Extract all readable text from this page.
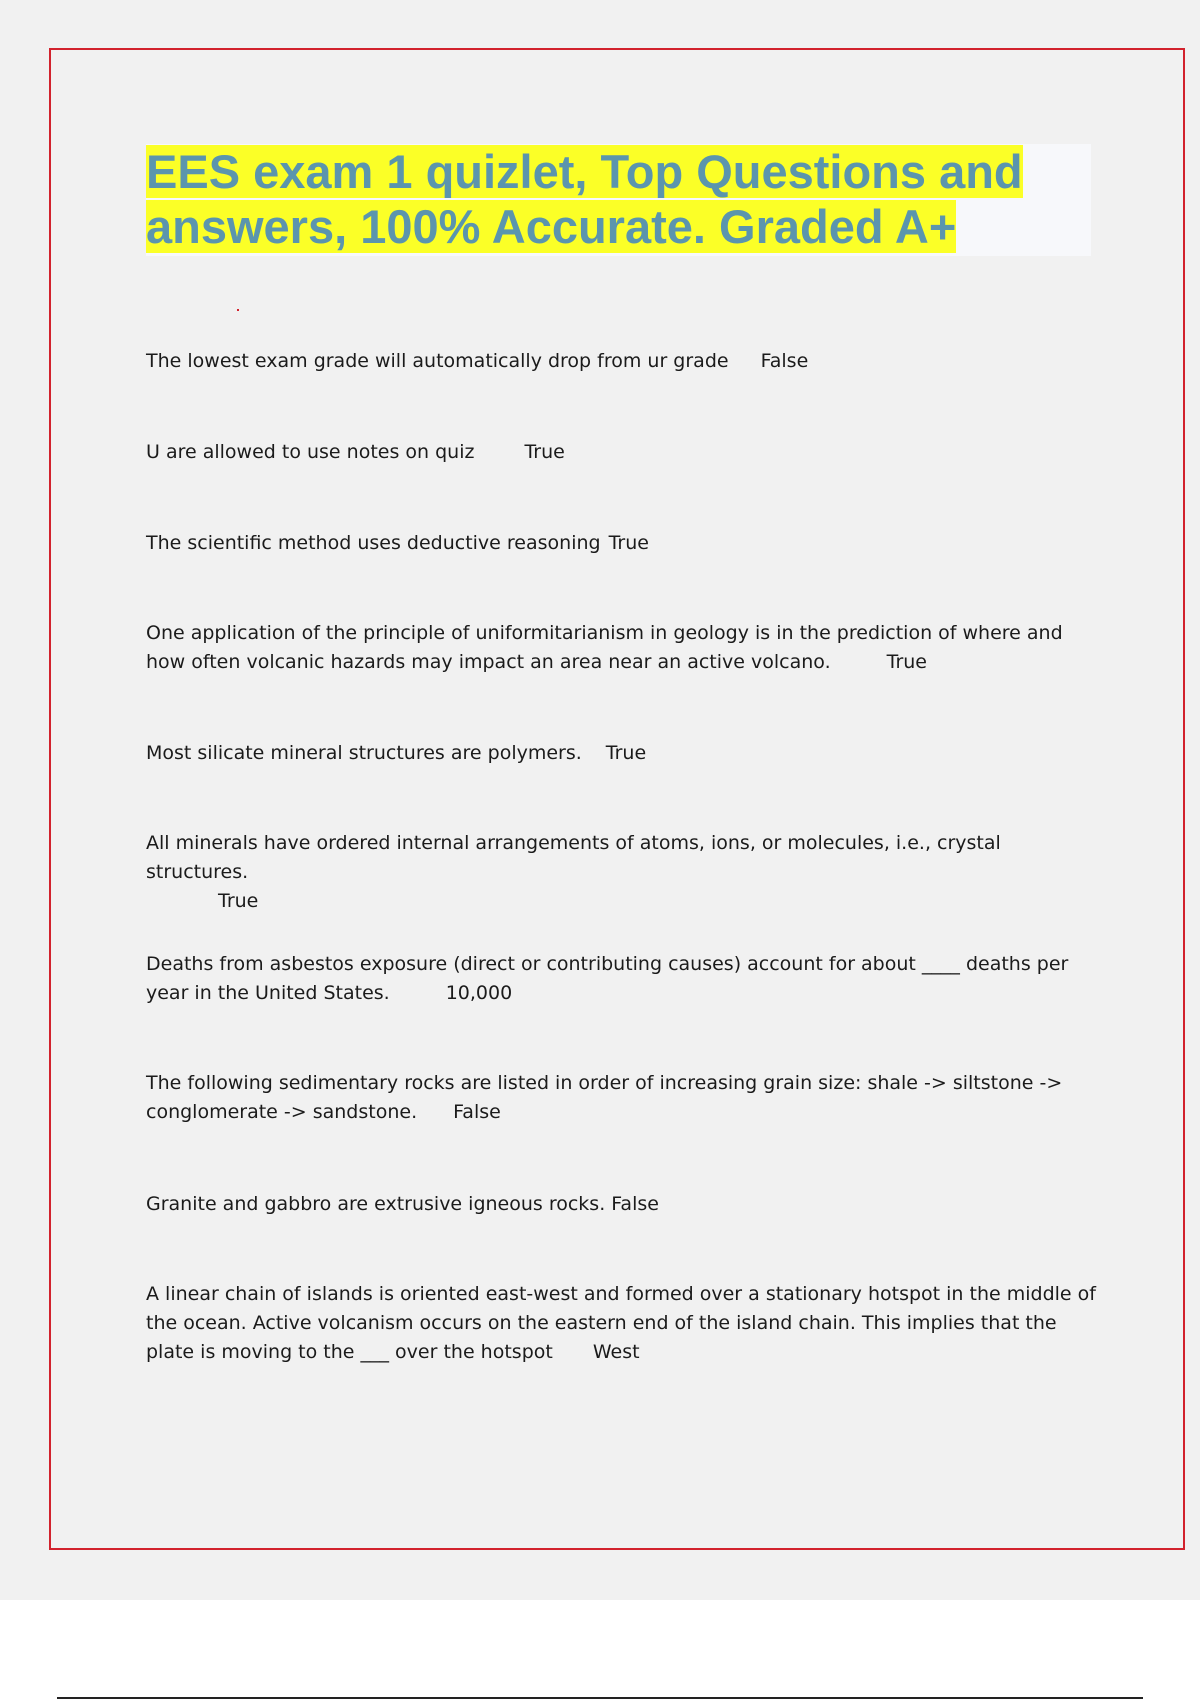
EES exam 1 quizlet, Top Questions and
answers, 100% Accurate. Graded A+

The lowest exam grade will automatically drop from ur grade False

U are allowed to use notes on quiz	True

The scientific method uses deductive reasoning True

One application of the principle of uniformitarianism in geology is in the prediction of where and how often volcanic hazards may impact an area near an active volcano.	True

Most silicate mineral structures are polymers. True

All minerals have ordered internal arrangements of atoms, ions, or molecules, i.e., crystal structures.
True

Deaths from asbestos exposure (direct or contributing causes) account for about ____ deaths per year in the United States.	10,000

The following sedimentary rocks are listed in order of increasing grain size: shale -> siltstone -> conglomerate -> sandstone. False

Granite and gabbro are extrusive igneous rocks. False

A linear chain of islands is oriented east-west and formed over a stationary hotspot in the middle of the ocean. Active volcanism occurs on the eastern end of the island chain. This implies that the plate is moving to the ___ over the hotspot West
